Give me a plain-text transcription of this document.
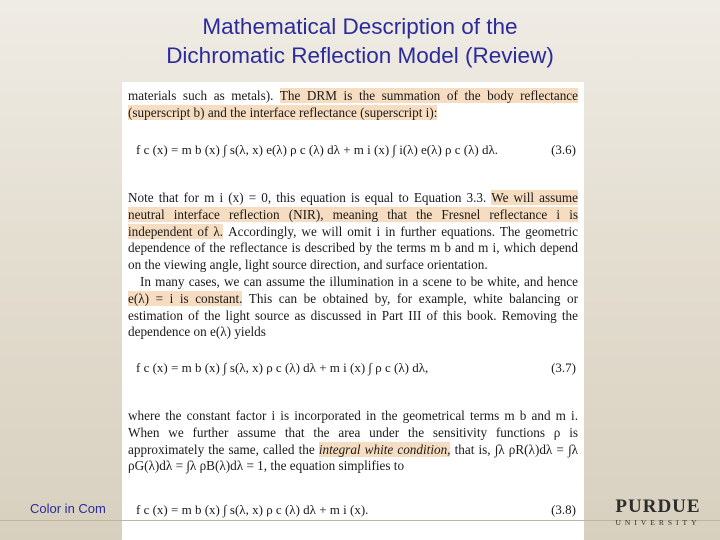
Mathematical Description of the
Dichromatic Reflection Model (Review)

materials such as metals). The DRM is the summation of the body reflectance (superscript b) and the interface reflectance (superscript i):

f c (x) = m b (x) ∫ s(λ, x) e(λ) ρ c (λ) dλ + m i (x) ∫ i(λ) e(λ) ρ c (λ) dλ.	(3.6)

Note that for m i (x) = 0, this equation is equal to Equation 3.3. We will assume neutral interface reflection (NIR), meaning that the Fresnel reflectance i is independent of λ. Accordingly, we will omit i in further equations. The geometric dependence of the reflectance is described by the terms m b and m i, which depend on the viewing angle, light source direction, and surface orientation.

In many cases, we can assume the illumination in a scene to be white, and hence e(λ) = i is constant. This can be obtained by, for example, white balancing or estimation of the light source as discussed in Part III of this book. Removing the dependence on e(λ) yields

f c (x) = m b (x) ∫ s(λ, x) ρ c (λ) dλ + m i (x) ∫ ρ c (λ) dλ,	(3.7)

where the constant factor i is incorporated in the geometrical terms m b and m i. When we further assume that the area under the sensitivity functions ρ is approximately the same, called the integral white condition, that is, ∫λ ρR(λ)dλ = ∫λ ρG(λ)dλ = ∫λ ρB(λ)dλ = 1, the equation simplifies to

f c (x) = m b (x) ∫ s(λ, x) ρ c (λ) dλ + m i (x).	(3.8)
Color in Com	PURDUE
UNIVERSITY
